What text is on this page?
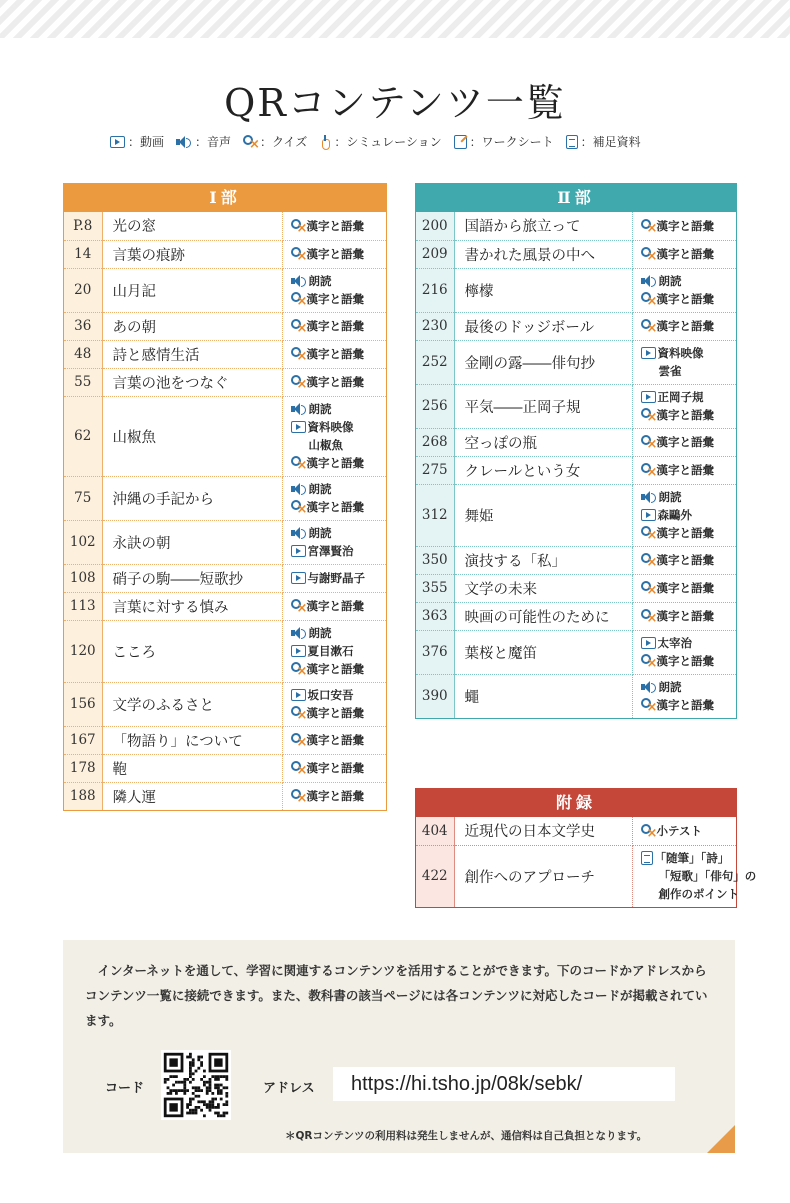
QRコンテンツ一覧
：動画	：音声 × ：クイズ ：シミュレーション ：ワークシート ：補足資料
Ⅰ部
P.8	光の窓	
×漢字と語彙

14	言葉の痕跡	
×漢字と語彙

20	山月記	朗読
×
漢字と語彙

36	あの朝	
×漢字と語彙

48	詩と感情生活	
×漢字と語彙

55	言葉の池をつなぐ	
×漢字と語彙

62	山椒魚	朗読
資料映像
山椒魚
×
漢字と語彙

75	沖縄の手記から	朗読
×
漢字と語彙

102	永訣の朝	朗読
宮澤賢治

108	硝子の駒――短歌抄	与謝野晶子

113	言葉に対する慎み	
×漢字と語彙

120	こころ	朗読
夏目漱石
×
漢字と語彙

156	文学のふるさと	坂口安吾
×
漢字と語彙

167	「物語り」について	
×漢字と語彙

178	鞄	
×漢字と語彙

188	隣人運	
×漢字と語彙
Ⅱ部
200	国語から旅立って	
×漢字と語彙

209	書かれた風景の中へ	
×漢字と語彙

216	檸檬	朗読
×
漢字と語彙

230	最後のドッジボール	
×漢字と語彙

252	金剛の露――俳句抄	資料映像
雲雀

256	平気――正岡子規	正岡子規
×
漢字と語彙

268	空っぽの瓶	
×漢字と語彙

275	クレールという女	
×漢字と語彙

312	舞姫	朗読
森鷗外
×
漢字と語彙

350	演技する「私」	
×漢字と語彙

355	文学の未来	
×漢字と語彙

363	映画の可能性のために	
×漢字と語彙

376	葉桜と魔笛	太宰治
×
漢字と語彙

390	蠅	朗読
×
漢字と語彙
附録
404	近現代の日本文学史	
×小テスト

422	創作へのアプローチ	「随筆」「詩」
「短歌」「俳句」の
創作のポイント
インターネットを通して、学習に関連するコンテンツを活用することができます。下のコードかアドレスからコンテンツ一覧に接続できます。また、教科書の該当ページには各コンテンツに対応したコードが掲載されています。
コード	アドレス	https://hi.tsho.jp/08k/sebk/
＊QRコンテンツの利用料は発生しませんが、通信料は自己負担となります。
